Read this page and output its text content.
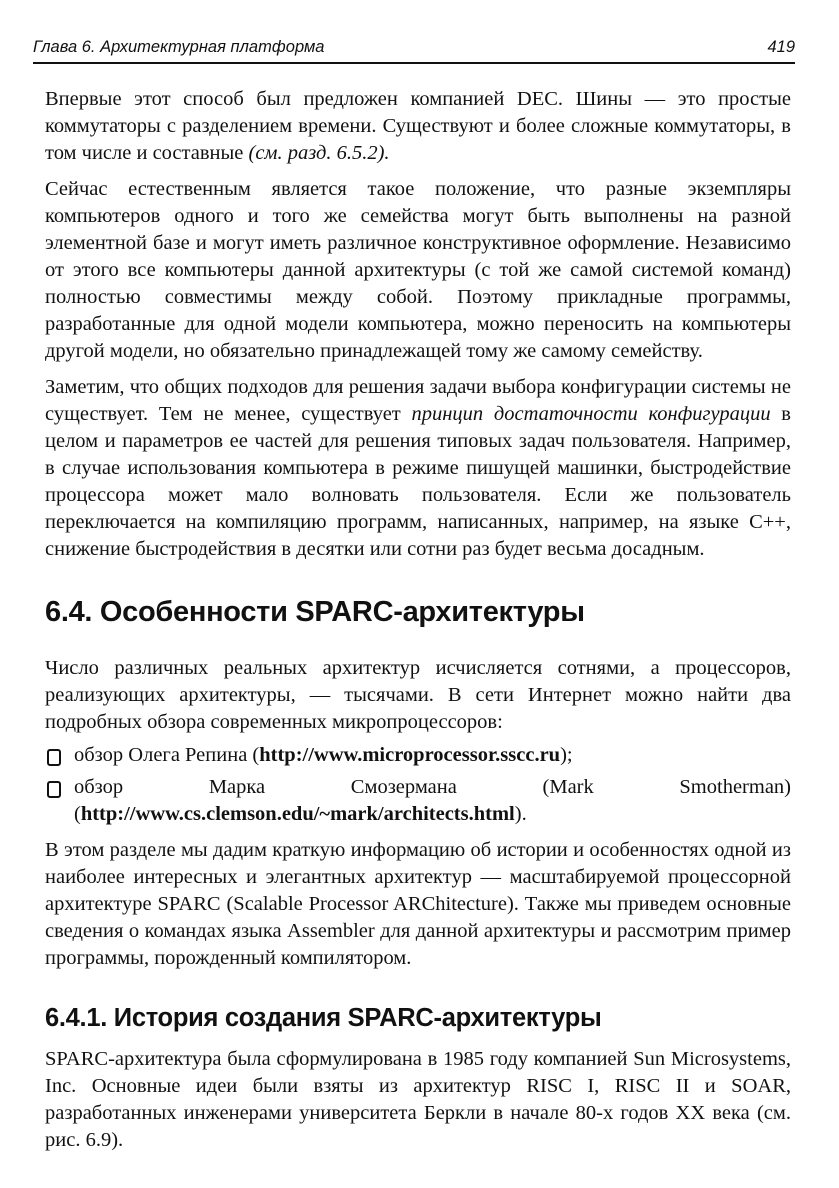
Глава 6. Архитектурная платформа	419

Впервые этот способ был предложен компанией DEC. Шины — это простые коммутаторы с разделением времени. Существуют и более сложные коммутаторы, в том числе и составные (см. разд. 6.5.2).

Сейчас естественным является такое положение, что разные экземпляры компьютеров одного и того же семейства могут быть выполнены на разной элементной базе и могут иметь различное конструктивное оформление. Независимо от этого все компьютеры данной архитектуры (с той же самой системой команд) полностью совместимы между собой. Поэтому прикладные программы, разработанные для одной модели компьютера, можно переносить на компьютеры другой модели, но обязательно принадлежащей тому же самому семейству.

Заметим, что общих подходов для решения задачи выбора конфигурации системы не существует. Тем не менее, существует принцип достаточности конфигурации в целом и параметров ее частей для решения типовых задач пользователя. Например, в случае использования компьютера в режиме пишущей машинки, быстродействие процессора может мало волновать пользователя. Если же пользователь переключается на компиляцию программ, написанных, например, на языке C++, снижение быстродействия в десятки или сотни раз будет весьма досадным.

6.4. Особенности SPARC-архитектуры

Число различных реальных архитектур исчисляется сотнями, а процессоров, реализующих архитектуры, — тысячами. В сети Интернет можно найти два подробных обзора современных микропроцессоров:

обзор Олега Репина (http://www.microprocessor.sscc.ru);
обзор Марка Смозермана (Mark Smotherman) (http://www.cs.clemson.edu/~mark/architects.html).

В этом разделе мы дадим краткую информацию об истории и особенностях одной из наиболее интересных и элегантных архитектур — масштабируемой процессорной архитектуре SPARC (Scalable Processor ARChitecture). Также мы приведем основные сведения о командах языка Assembler для данной архитектуры и рассмотрим пример программы, порожденный компилятором.

6.4.1. История создания SPARC-архитектуры

SPARC-архитектура была сформулирована в 1985 году компанией Sun Microsystems, Inc. Основные идеи были взяты из архитектур RISC I, RISC II и SOAR, разработанных инженерами университета Беркли в начале 80-х годов XX века (см. рис. 6.9).
